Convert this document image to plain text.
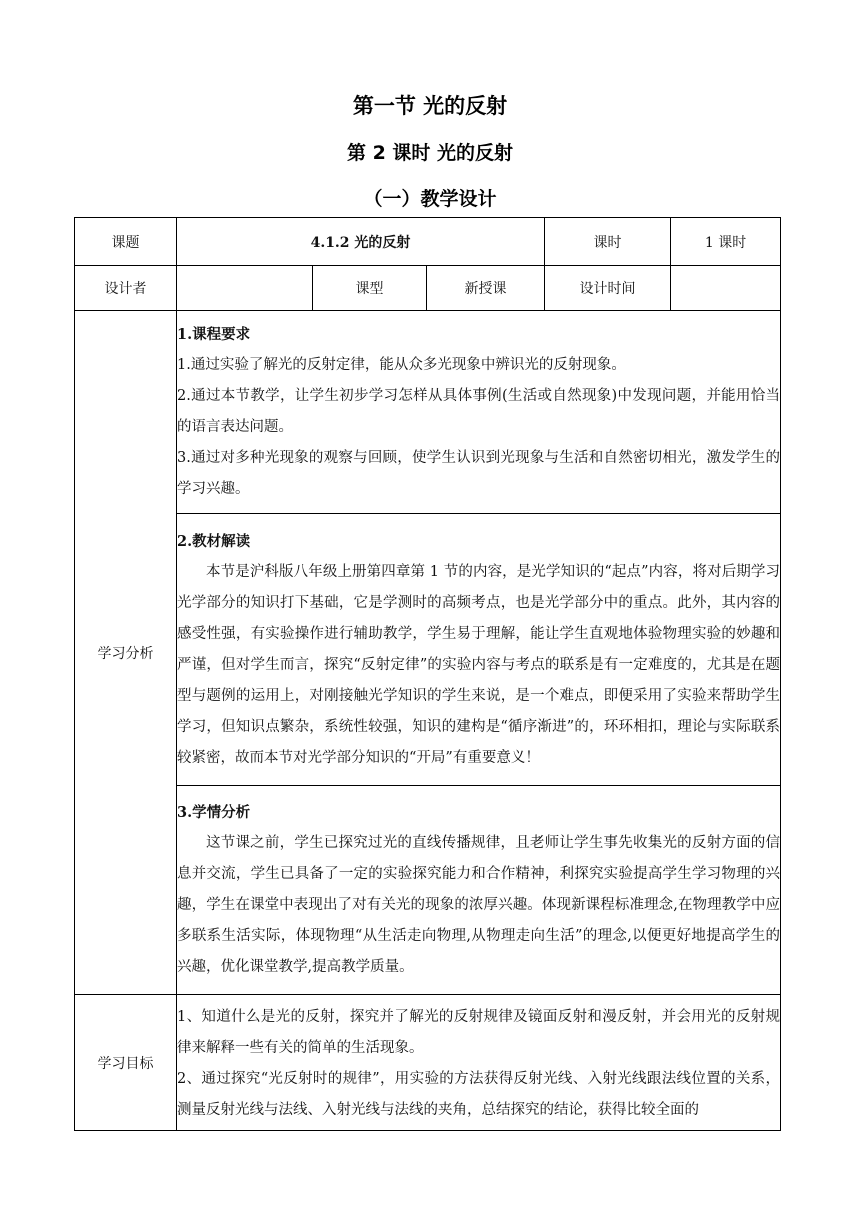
第一节 光的反射
第 2 课时 光的反射
（一）教学设计
课题	4.1.2 光的反射			课时	1 课时
设计者		课型	新授课	设计时间	
学习分析	1.课程要求

1.通过实验了解光的反射定律，能从众多光现象中辨识光的反射现象。

2.通过本节教学，让学生初步学习怎样从具体事例(生活或自然现象)中发现问题，并能用恰当的语言表达问题。

3.通过对多种光现象的观察与回顾，使学生认识到光现象与生活和自然密切相光，激发学生的学习兴趣。				

	2.教材解读

本节是沪科版八年级上册第四章第 1 节的内容，是光学知识的“起点”内容，将对后期学习光学部分的知识打下基础，它是学测时的高频考点，也是光学部分中的重点。此外，其内容的感受性强，有实验操作进行辅助教学，学生易于理解，能让学生直观地体验物理实验的妙趣和严谨，但对学生而言，探究“反射定律”的实验内容与考点的联系是有一定难度的，尤其是在题型与题例的运用上，对刚接触光学知识的学生来说，是一个难点，即便采用了实验来帮助学生学习，但知识点繁杂，系统性较强，知识的建构是“循序渐进”的，环环相扣，理论与实际联系较紧密，故而本节对光学部分知识的“开局”有重要意义！				

	3.学情分析

这节课之前，学生已探究过光的直线传播规律，且老师让学生事先收集光的反射方面的信息并交流，学生已具备了一定的实验探究能力和合作精神，利探究实验提高学生学习物理的兴趣，学生在课堂中表现出了对有关光的现象的浓厚兴趣。体现新课程标准理念,在物理教学中应多联系生活实际，体现物理“从生活走向物理,从物理走向生活”的理念,以便更好地提高学生的兴趣，优化课堂教学,提高教学质量。				

学习目标	1、知道什么是光的反射，探究并了解光的反射规律及镜面反射和漫反射，并会用光的反射规律来解释一些有关的简单的生活现象。

2、通过探究“光反射时的规律”，用实验的方法获得反射光线、入射光线跟法线位置的关系，测量反射光线与法线、入射光线与法线的夹角，总结探究的结论，获得比较全面的				
